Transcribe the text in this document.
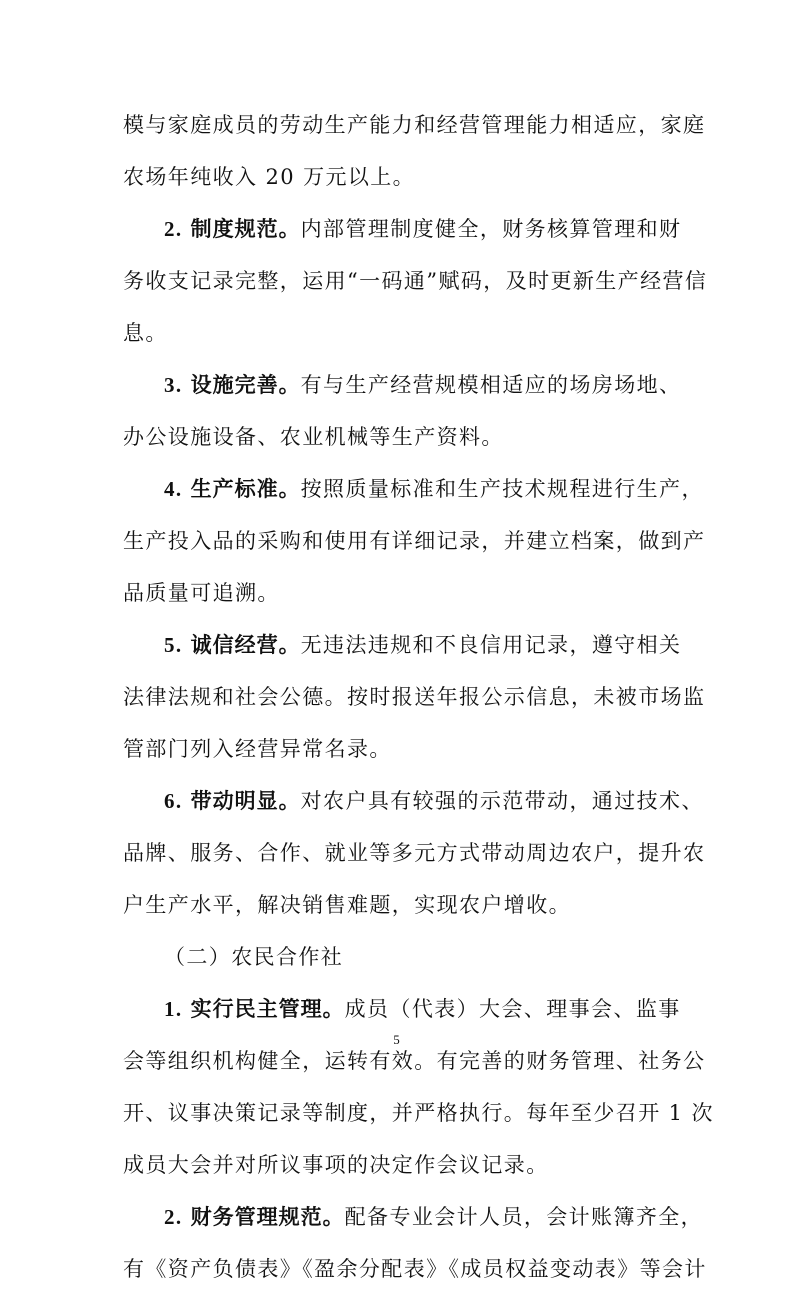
模与家庭成员的劳动生产能力和经营管理能力相适应，家庭
农场年纯收入 20 万元以上。
2. 制度规范。内部管理制度健全，财务核算管理和财
务收支记录完整，运用“一码通”赋码，及时更新生产经营信
息。
3. 设施完善。有与生产经营规模相适应的场房场地、
办公设施设备、农业机械等生产资料。
4. 生产标准。按照质量标准和生产技术规程进行生产，
生产投入品的采购和使用有详细记录，并建立档案，做到产
品质量可追溯。
5. 诚信经营。无违法违规和不良信用记录，遵守相关
法律法规和社会公德。按时报送年报公示信息，未被市场监
管部门列入经营异常名录。
6. 带动明显。对农户具有较强的示范带动，通过技术、
品牌、服务、合作、就业等多元方式带动周边农户，提升农
户生产水平，解决销售难题，实现农户增收。
（二）农民合作社
1. 实行民主管理。成员（代表）大会、理事会、监事
会等组织机构健全，运转有效。有完善的财务管理、社务公
开、议事决策记录等制度，并严格执行。每年至少召开 1 次
成员大会并对所议事项的决定作会议记录。
2. 财务管理规范。配备专业会计人员，会计账簿齐全，
有《资产负债表》《盈余分配表》《成员权益变动表》等会计
5
